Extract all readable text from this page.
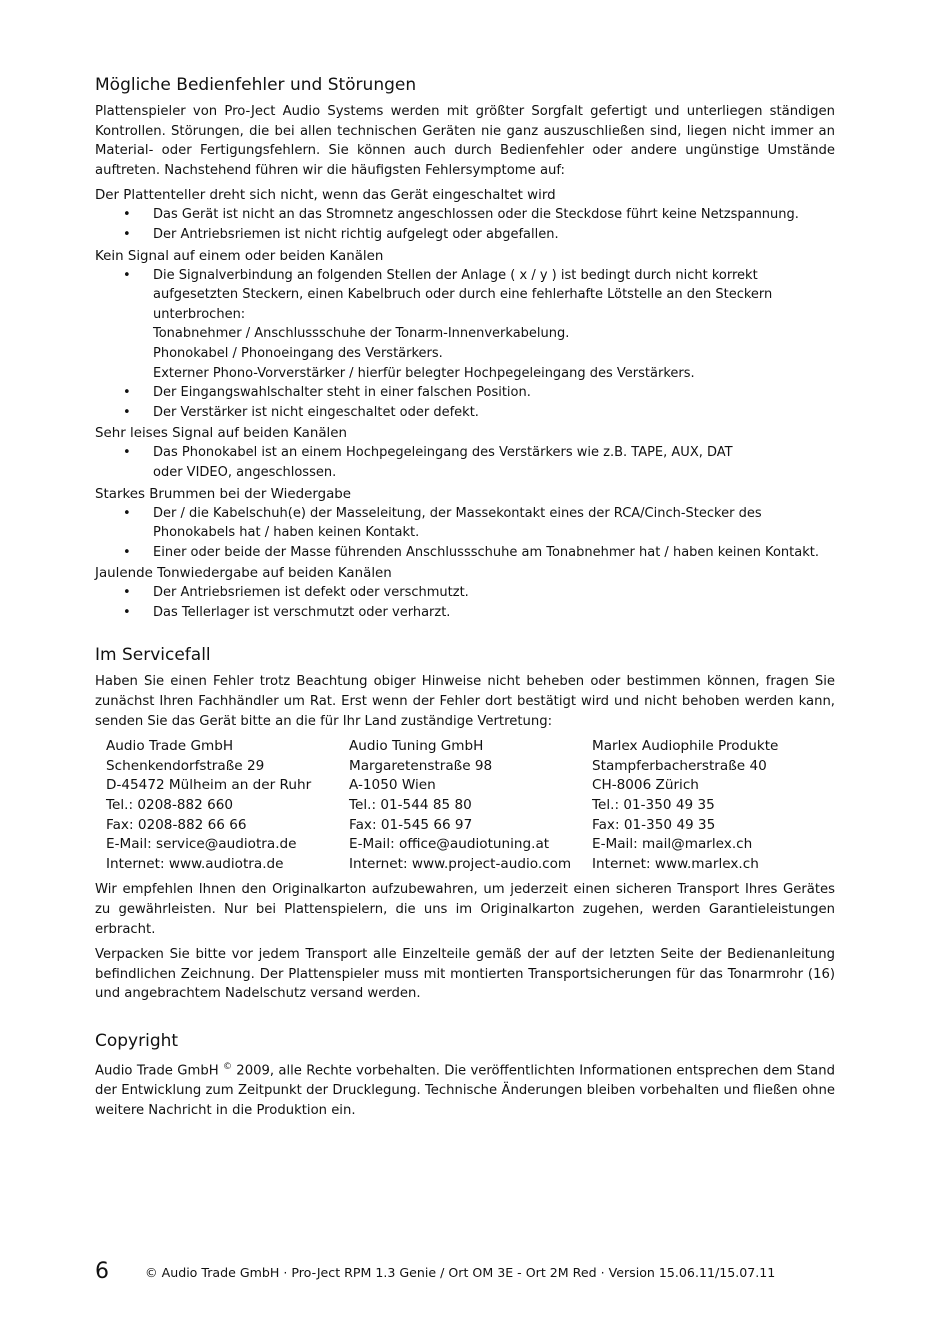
Mögliche Bedienfehler und Störungen

Plattenspieler von Pro-Ject Audio Systems werden mit größter Sorgfalt gefertigt und unterliegen ständigen Kontrollen. Störungen, die bei allen technischen Geräten nie ganz auszuschließen sind, liegen nicht immer an Material- oder Fertigungsfehlern. Sie können auch durch Bedienfehler oder andere ungünstige Umstände auftreten. Nachstehend führen wir die häufigsten Fehlersymptome auf:

Der Plattenteller dreht sich nicht, wenn das Gerät eingeschaltet wird
• Das Gerät ist nicht an das Stromnetz angeschlossen oder die Steckdose führt keine Netzspannung.
• Der Antriebsriemen ist nicht richtig aufgelegt oder abgefallen.
Kein Signal auf einem oder beiden Kanälen
• Die Signalverbindung an folgenden Stellen der Anlage ( x / y ) ist bedingt durch nicht korrekt aufgesetzten Steckern, einen Kabelbruch oder durch eine fehlerhafte Lötstelle an den Steckern unterbrochen:
Tonabnehmer / Anschlussschuhe der Tonarm-Innenverkabelung.
Phonokabel / Phonoeingang des Verstärkers.
Externer Phono-Vorverstärker / hierfür belegter Hochpegeleingang des Verstärkers.
• Der Eingangswahlschalter steht in einer falschen Position.
• Der Verstärker ist nicht eingeschaltet oder defekt.
Sehr leises Signal auf beiden Kanälen
• Das Phonokabel ist an einem Hochpegeleingang des Verstärkers wie z.B. TAPE, AUX, DAT
oder VIDEO, angeschlossen.
Starkes Brummen bei der Wiedergabe
• Der / die Kabelschuh(e) der Masseleitung, der Massekontakt eines der RCA/Cinch-Stecker des Phonokabels hat / haben keinen Kontakt.
• Einer oder beide der Masse führenden Anschlussschuhe am Tonabnehmer hat / haben keinen Kontakt.
Jaulende Tonwiedergabe auf beiden Kanälen
• Der Antriebsriemen ist defekt oder verschmutzt.
• Das Tellerlager ist verschmutzt oder verharzt.
Im Servicefall

Haben Sie einen Fehler trotz Beachtung obiger Hinweise nicht beheben oder bestimmen können, fragen Sie zunächst Ihren Fachhändler um Rat. Erst wenn der Fehler dort bestätigt wird und nicht behoben werden kann, senden Sie das Gerät bitte an die für Ihr Land zuständige Vertretung:

Audio Trade GmbH
Schenkendorfstraße 29
D-45472 Mülheim an der Ruhr
Tel.: 0208-882 660
Fax: 0208-882 66 66
E-Mail: service@audiotra.de
Internet: www.audiotra.de
Audio Tuning GmbH
Margaretenstraße 98
A-1050 Wien
Tel.: 01-544 85 80
Fax: 01-545 66 97
E-Mail: office@audiotuning.at
Internet: www.project-audio.com
Marlex Audiophile Produkte
Stampferbacherstraße 40
CH-8006 Zürich
Tel.: 01-350 49 35
Fax: 01-350 49 35
E-Mail: mail@marlex.ch
Internet: www.marlex.ch

Wir empfehlen Ihnen den Originalkarton aufzubewahren, um jederzeit einen sicheren Transport Ihres Gerätes zu gewährleisten. Nur bei Plattenspielern, die uns im Originalkarton zugehen, werden Garantieleistungen erbracht.

Verpacken Sie bitte vor jedem Transport alle Einzelteile gemäß der auf der letzten Seite der Bedienanleitung befindlichen Zeichnung. Der Plattenspieler muss mit montierten Transportsicherungen für das Tonarmrohr (16) und angebrachtem Nadelschutz versand werden.

Copyright

Audio Trade GmbH © 2009, alle Rechte vorbehalten. Die veröffentlichten Informationen entsprechen dem Stand der Entwicklung zum Zeitpunkt der Drucklegung. Technische Änderungen bleiben vorbehalten und fließen ohne weitere Nachricht in die Produktion ein.

6	© Audio Trade GmbH · Pro-Ject RPM 1.3 Genie / Ort OM 3E - Ort 2M Red · Version 15.06.11/15.07.11
